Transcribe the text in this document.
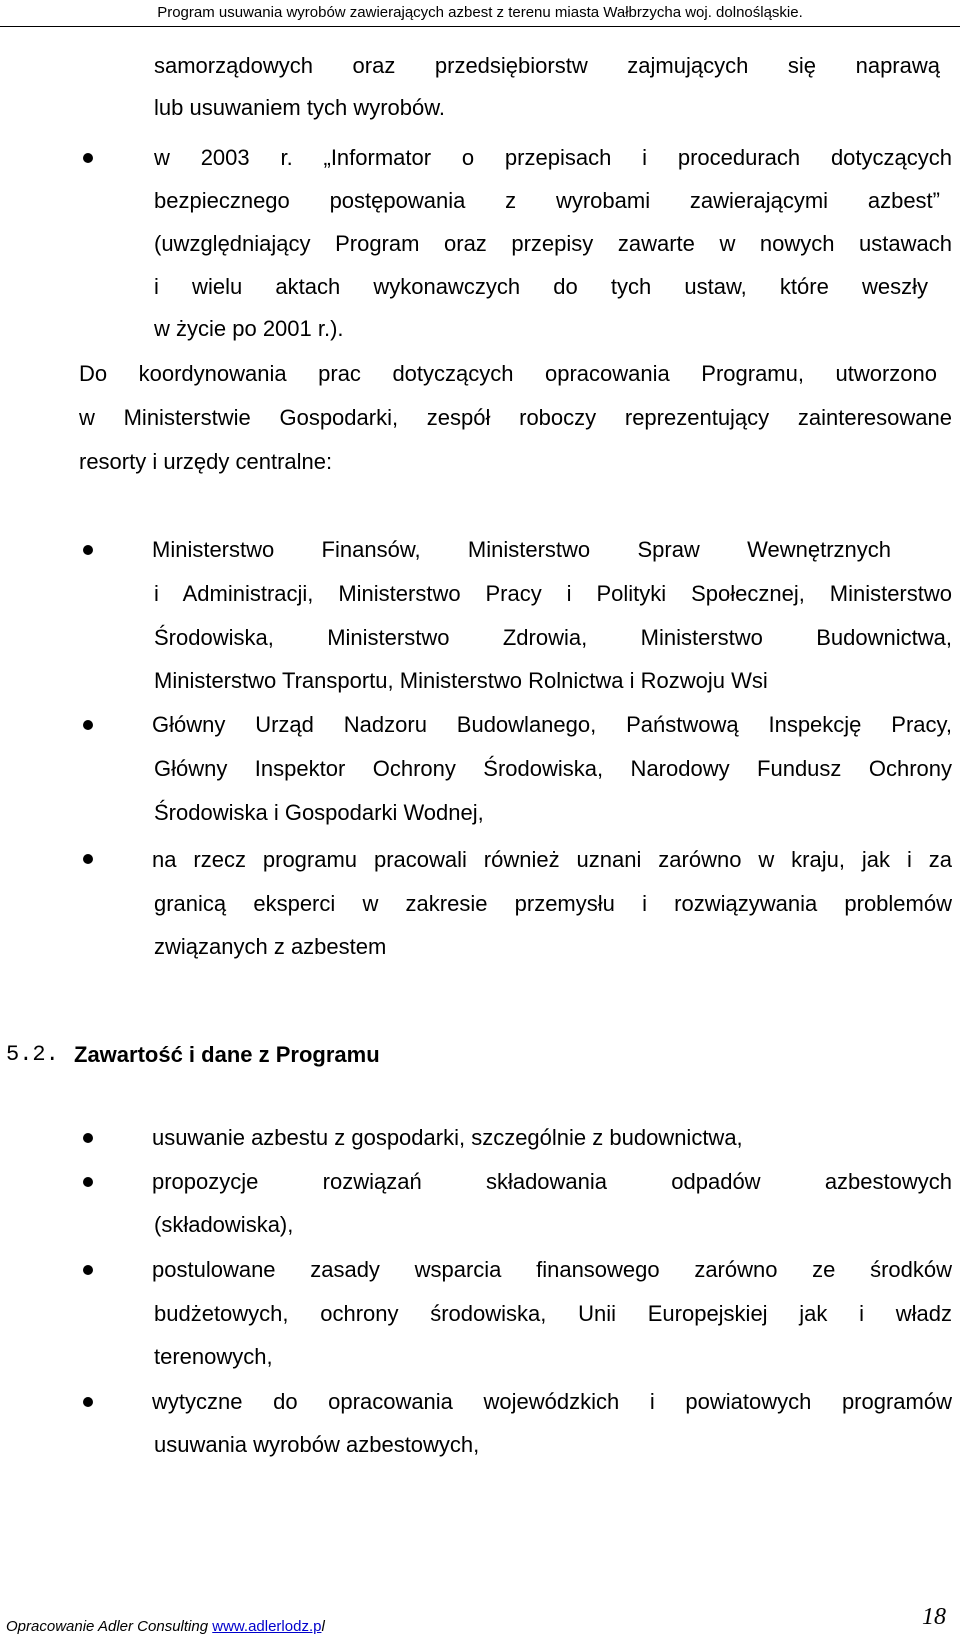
Program usuwania wyrobów zawierających azbest z terenu miasta Wałbrzycha woj. dolnośląskie.
samorządowych oraz przedsiębiorstw zajmujących się naprawą
lub usuwaniem tych wyrobów.
w 2003 r. „Informator o przepisach i procedurach dotyczących
bezpiecznego postępowania z wyrobami zawierającymi azbest”
(uwzględniający Program oraz przepisy zawarte w nowych ustawach
i wielu aktach wykonawczych do tych ustaw, które weszły
w życie po 2001 r.).
Do koordynowania prac dotyczących opracowania Programu, utworzono
w Ministerstwie Gospodarki, zespół roboczy reprezentujący zainteresowane
resorty i urzędy centralne:
Ministerstwo Finansów, Ministerstwo Spraw Wewnętrznych
i Administracji, Ministerstwo Pracy i Polityki Społecznej, Ministerstwo
Środowiska, Ministerstwo Zdrowia, Ministerstwo Budownictwa,
Ministerstwo Transportu, Ministerstwo Rolnictwa i Rozwoju Wsi
Główny Urząd Nadzoru Budowlanego, Państwową Inspekcję Pracy,
Główny Inspektor Ochrony Środowiska, Narodowy Fundusz Ochrony
Środowiska i Gospodarki Wodnej,
na rzecz programu pracowali również uznani zarówno w kraju, jak i za
granicą eksperci w zakresie przemysłu i rozwiązywania problemów
związanych z azbestem
5.2. Zawartość i dane z Programu
usuwanie azbestu z gospodarki, szczególnie z budownictwa,
propozycje rozwiązań składowania odpadów azbestowych
(składowiska),
postulowane zasady wsparcia finansowego zarówno ze środków
budżetowych, ochrony środowiska, Unii Europejskiej jak i władz
terenowych,
wytyczne do opracowania wojewódzkich i powiatowych programów
usuwania wyrobów azbestowych,
Opracowanie Adler Consulting www.adlerlodz.pl	18
